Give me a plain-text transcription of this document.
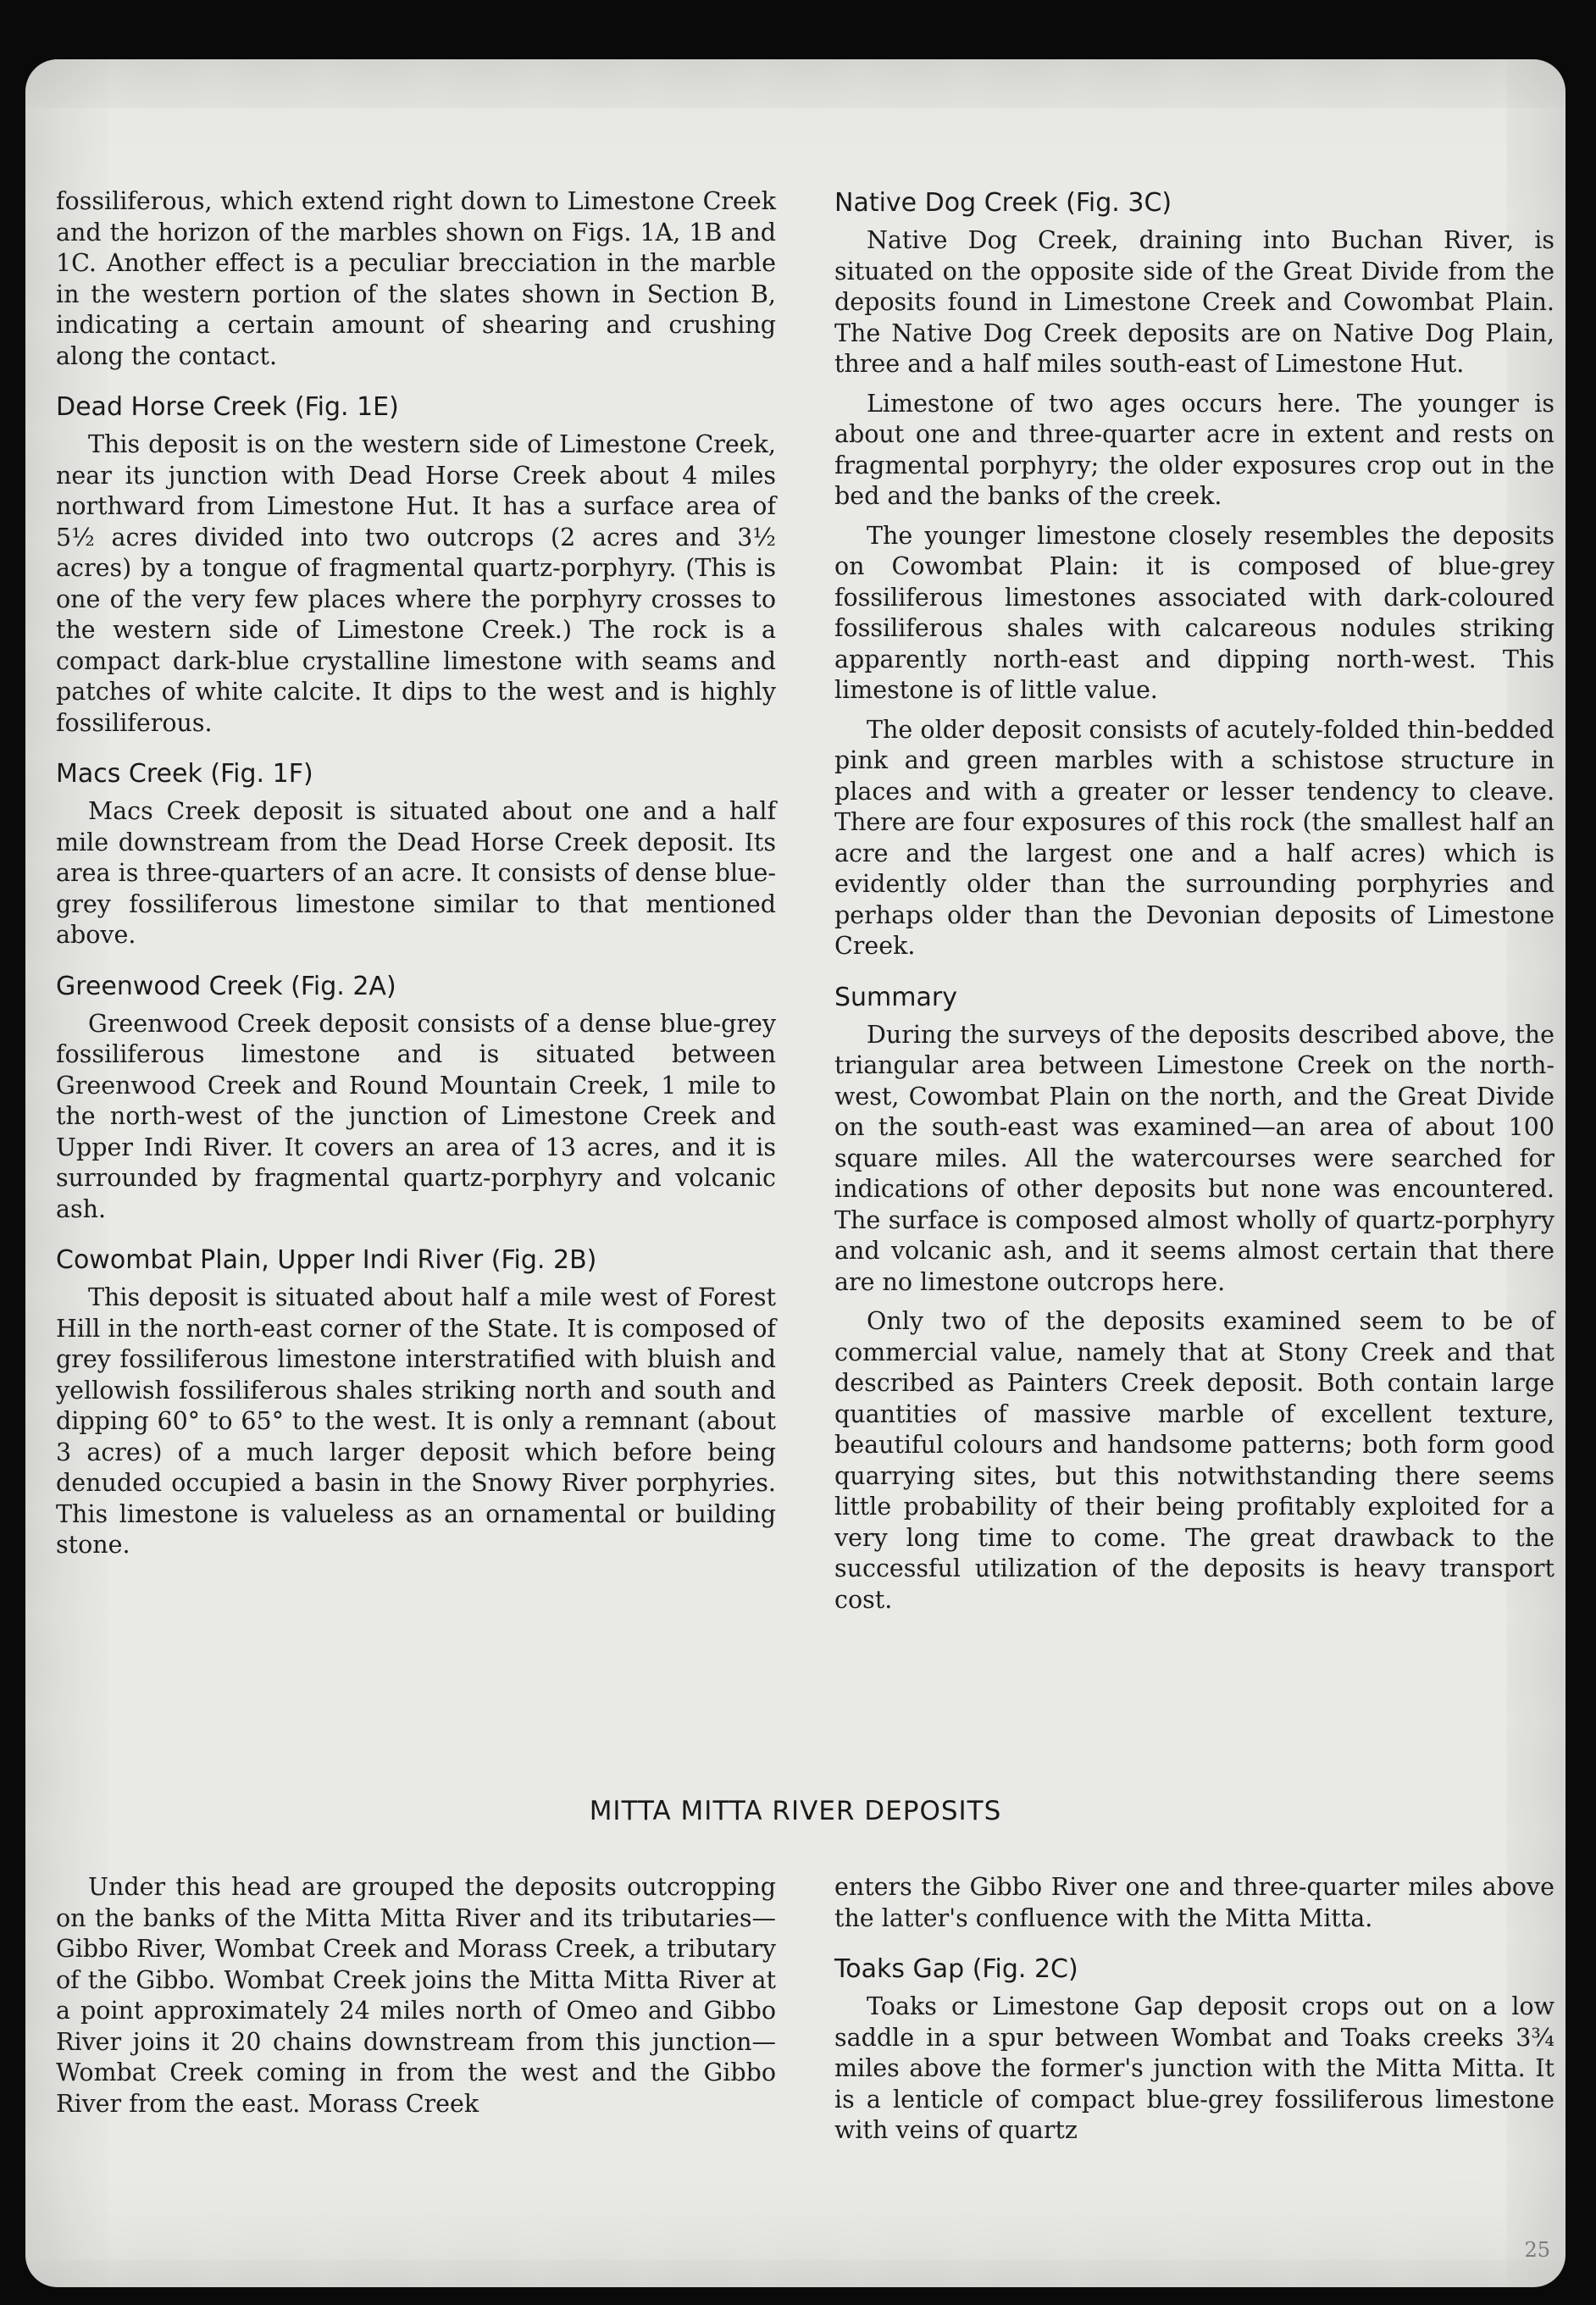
fossiliferous, which extend right down to Limestone Creek and the horizon of the marbles shown on Figs. 1A, 1B and 1C. Another effect is a peculiar brecciation in the marble in the western portion of the slates shown in Section B, indicating a certain amount of shearing and crushing along the contact.

Dead Horse Creek (Fig. 1E)

This deposit is on the western side of Limestone Creek, near its junction with Dead Horse Creek about 4 miles northward from Limestone Hut. It has a surface area of 5½ acres divided into two outcrops (2 acres and 3½ acres) by a tongue of fragmental quartz-porphyry. (This is one of the very few places where the porphyry crosses to the western side of Limestone Creek.) The rock is a compact dark-blue crystalline limestone with seams and patches of white calcite. It dips to the west and is highly fossiliferous.

Macs Creek (Fig. 1F)

Macs Creek deposit is situated about one and a half mile downstream from the Dead Horse Creek deposit. Its area is three-quarters of an acre. It consists of dense blue-grey fossiliferous limestone similar to that mentioned above.

Greenwood Creek (Fig. 2A)

Greenwood Creek deposit consists of a dense blue-grey fossiliferous limestone and is situated between Greenwood Creek and Round Mountain Creek, 1 mile to the north-west of the junction of Limestone Creek and Upper Indi River. It covers an area of 13 acres, and it is surrounded by fragmental quartz-porphyry and volcanic ash.

Cowombat Plain, Upper Indi River (Fig. 2B)

This deposit is situated about half a mile west of Forest Hill in the north-east corner of the State. It is composed of grey fossiliferous limestone interstratified with bluish and yellowish fossiliferous shales striking north and south and dipping 60° to 65° to the west. It is only a remnant (about 3 acres) of a much larger deposit which before being denuded occupied a basin in the Snowy River porphyries. This limestone is valueless as an ornamental or building stone.

Native Dog Creek (Fig. 3C)

Native Dog Creek, draining into Buchan River, is situated on the opposite side of the Great Divide from the deposits found in Limestone Creek and Cowombat Plain. The Native Dog Creek deposits are on Native Dog Plain, three and a half miles south-east of Limestone Hut.

Limestone of two ages occurs here. The younger is about one and three-quarter acre in extent and rests on fragmental porphyry; the older exposures crop out in the bed and the banks of the creek.

The younger limestone closely resembles the deposits on Cowombat Plain: it is composed of blue-grey fossiliferous limestones associated with dark-coloured fossiliferous shales with calcareous nodules striking apparently north-east and dipping north-west. This limestone is of little value.

The older deposit consists of acutely-folded thin-bedded pink and green marbles with a schistose structure in places and with a greater or lesser tendency to cleave. There are four exposures of this rock (the smallest half an acre and the largest one and a half acres) which is evidently older than the surrounding porphyries and perhaps older than the Devonian deposits of Limestone Creek.

Summary

During the surveys of the deposits described above, the triangular area between Limestone Creek on the north-west, Cowombat Plain on the north, and the Great Divide on the south-east was examined—an area of about 100 square miles. All the watercourses were searched for indications of other deposits but none was encountered. The surface is composed almost wholly of quartz-porphyry and volcanic ash, and it seems almost certain that there are no limestone outcrops here.

Only two of the deposits examined seem to be of commercial value, namely that at Stony Creek and that described as Painters Creek deposit. Both contain large quantities of massive marble of excellent texture, beautiful colours and handsome patterns; both form good quarrying sites, but this notwithstanding there seems little probability of their being profitably exploited for a very long time to come. The great drawback to the successful utilization of the deposits is heavy transport cost.

MITTA MITTA RIVER DEPOSITS

Under this head are grouped the deposits outcropping on the banks of the Mitta Mitta River and its tributaries—Gibbo River, Wombat Creek and Morass Creek, a tributary of the Gibbo. Wombat Creek joins the Mitta Mitta River at a point approximately 24 miles north of Omeo and Gibbo River joins it 20 chains downstream from this junction—Wombat Creek coming in from the west and the Gibbo River from the east. Morass Creek

enters the Gibbo River one and three-quarter miles above the latter's confluence with the Mitta Mitta.

Toaks Gap (Fig. 2C)

Toaks or Limestone Gap deposit crops out on a low saddle in a spur between Wombat and Toaks creeks 3¾ miles above the former's junction with the Mitta Mitta. It is a lenticle of compact blue-grey fossiliferous limestone with veins of quartz

25
